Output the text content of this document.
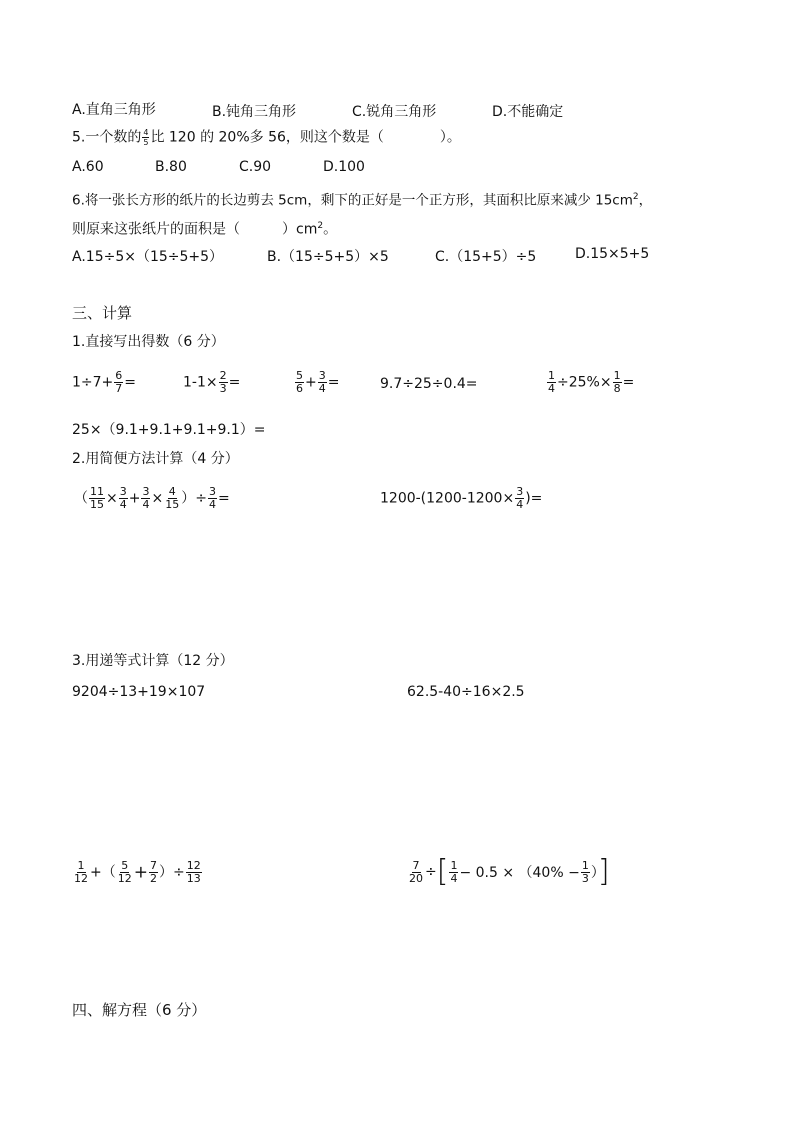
A.直角三角形	B.钝角三角形	C.锐角三角形	D.不能确定
5.一个数的 $\frac{4}{5}$ 比 120 的 20%多 56，则这个数是（　　　　）。
A.60	B.80	C.90	D.100
6.将一张长方形的纸片的长边剪去 5cm，剩下的正好是一个正方形，其面积比原来减少 $15cm^2$，
则原来这张纸片的面积是（　　　）$cm^2$。
A.15÷5×（15÷5+5）	B.（15÷5+5）×5	C.（15+5）÷5	D.15×5+5
三、计算
1.直接写出得数（6 分）
$1\div 7+ \frac{6}{7}$ =	$1-1\times \frac{2}{3}$ =	$\frac{5}{6} + \frac{3}{4}$ =	9.7÷25÷0.4=	$\frac{1}{4} \div 25\%\times \frac{1}{8}$ =
25×（9.1+9.1+9.1+9.1）=
2.用简便方法计算（4 分）
（ $\frac{11}{15} \times \frac{3}{4} + \frac{3}{4} \times \frac{4}{15}$ ）÷ $\frac{3}{4}$ =	$1200-(1200-1200\times \frac{3}{4}$ )=
3.用递等式计算（12 分）
9204÷13+19×107	62.5-40÷16×2.5
$\frac{1}{12}$ +（ $\frac{5}{12} + \frac{7}{2}$ ）÷ $\frac{12}{13}$	$\frac{7}{20}$ ÷[ $\frac{1}{4} - 0.5 \times (40\% - \frac{1}{3}$ ）]
四、解方程（6 分）
